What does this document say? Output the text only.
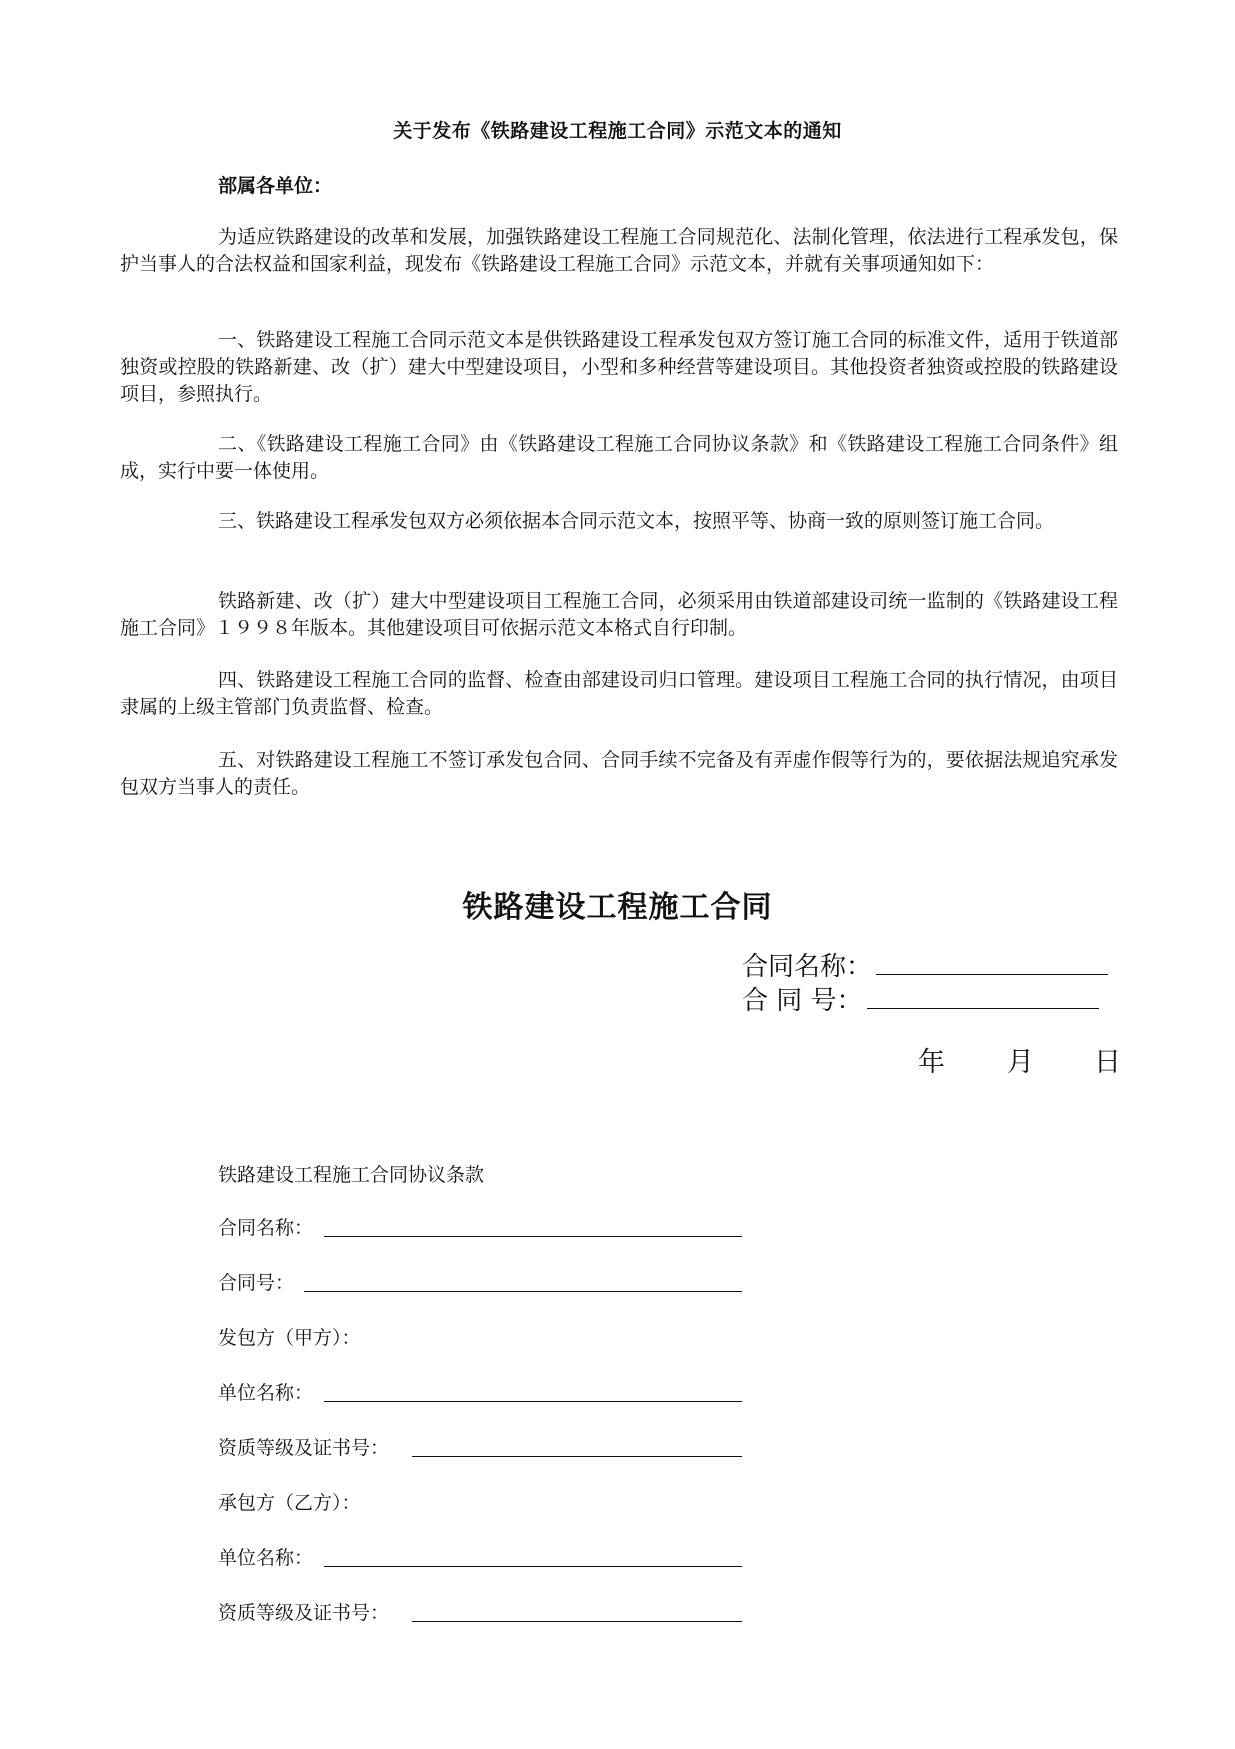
关于发布《铁路建设工程施工合同》示范文本的通知
部属各单位：

为适应铁路建设的改革和发展，加强铁路建设工程施工合同规范化、法制化管理，依法进行工程承发包，保护当事人的合法权益和国家利益，现发布《铁路建设工程施工合同》示范文本，并就有关事项通知如下：

一、铁路建设工程施工合同示范文本是供铁路建设工程承发包双方签订施工合同的标准文件，适用于铁道部独资或控股的铁路新建、改（扩）建大中型建设项目，小型和多种经营等建设项目。其他投资者独资或控股的铁路建设项目，参照执行。

二、《铁路建设工程施工合同》由《铁路建设工程施工合同协议条款》和《铁路建设工程施工合同条件》组成，实行中要一体使用。

三、铁路建设工程承发包双方必须依据本合同示范文本，按照平等、协商一致的原则签订施工合同。

铁路新建、改（扩）建大中型建设项目工程施工合同，必须采用由铁道部建设司统一监制的《铁路建设工程施工合同》１９９８年版本。其他建设项目可依据示范文本格式自行印制。

四、铁路建设工程施工合同的监督、检查由部建设司归口管理。建设项目工程施工合同的执行情况，由项目隶属的上级主管部门负责监督、检查。

五、对铁路建设工程施工不签订承发包合同、合同手续不完备及有弄虚作假等行为的，要依据法规追究承发包双方当事人的责任。

铁路建设工程施工合同
合同名称：
合 同 号：
年 月 日
铁路建设工程施工合同协议条款
合同名称：
合同号：
发包方（甲方）：
单位名称：
资质等级及证书号：
承包方（乙方）：
单位名称：
资质等级及证书号：
